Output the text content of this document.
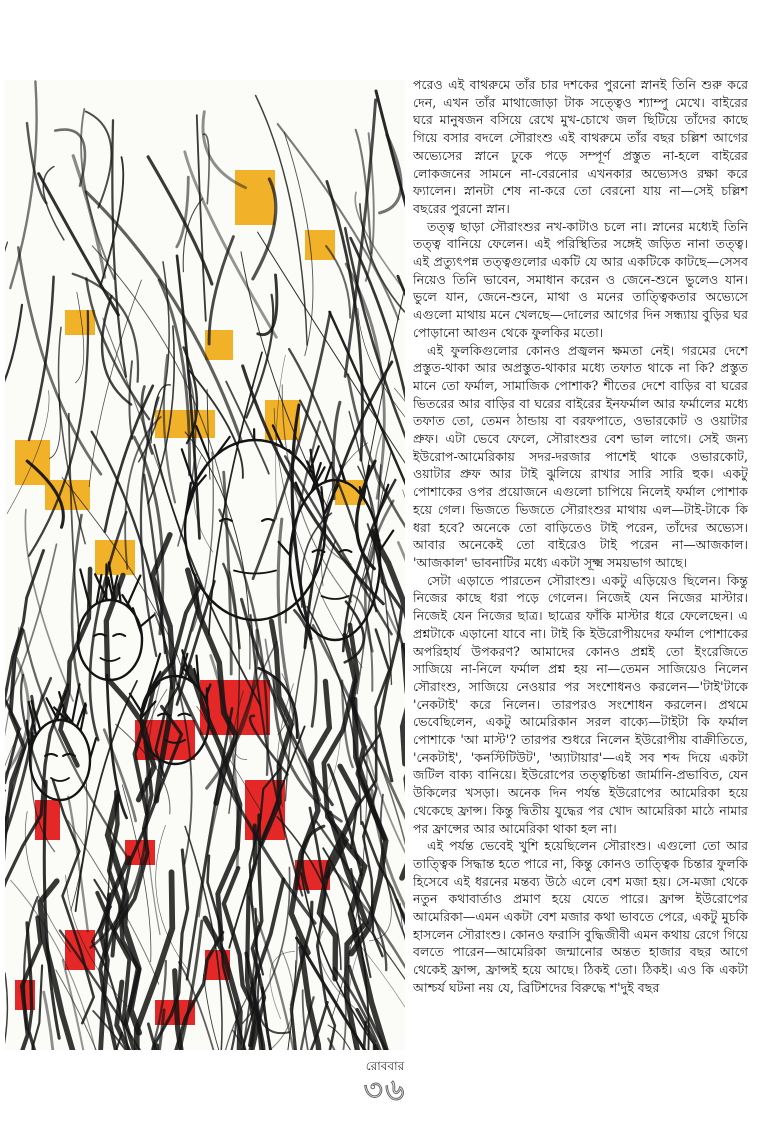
পরেও এই বাথরুমে তাঁর চার দশকের পুরনো স্নানই তিনি শুরু করে দেন, এখন তাঁর মাথাজোড়া টাক সত্ত্বেও শ্যাম্পু মেখে। বাইরের ঘরে মানুষজন বসিয়ে রেখে মুখ-চোখে জল ছিটিয়ে তাঁদের কাছে গিয়ে বসার বদলে সৌরাংশু এই বাথরুমে তাঁর বছর চল্লিশ আগের অভ্যেসের স্নানে ঢুকে পড়ে সম্পূর্ণ প্রস্তুত না-হলে বাইরের লোকজনের সামনে না-বেরনোর এখনকার অভ্যেসও রক্ষা করে ফ্যালেন। স্নানটা শেষ না-করে তো বেরনো যায় না—সেই চল্লিশ বছরের পুরনো স্নান।

তত্ত্ব ছাড়া সৌরাংশুর নখ-কাটাও চলে না। স্নানের মধ্যেই তিনি তত্ত্ব বানিয়ে ফেলেন। এই পরিস্থিতির সঙ্গেই জড়িত নানা তত্ত্ব। এই প্রত্যুৎপন্ন তত্ত্বগুলোর একটি যে আর একটিকে কাটছে—সেসব নিয়েও তিনি ভাবেন, সমাধান করেন ও জেনে-শুনে ভুলেও যান। ভুলে যান, জেনে-শুনে, মাথা ও মনের তাত্ত্বিকতার অভ্যেসে এগুলো মাথায় মনে খেলছে—দোলের আগের দিন সন্ধ্যায় বুড়ির ঘর পোড়ানো আগুন থেকে ফুলকির মতো।

এই ফুলকিগুলোর কোনও প্রজ্বলন ক্ষমতা নেই। গরমের দেশে প্রস্তুত-থাকা আর অপ্রস্তুত-থাকার মধ্যে তফাত থাকে না কি? প্রস্তুত মানে তো ফর্মাল, সামাজিক পোশাক? শীতের দেশে বাড়ির বা ঘরের ভিতরের আর বাড়ির বা ঘরের বাইরের ইনফর্মাল আর ফর্মালের মধ্যে তফাত তো, তেমন ঠান্ডায় বা বরফপাতে, ওভারকোট ও ওয়াটার প্রুফ। এটা ভেবে ফেলে, সৌরাংশুর বেশ ভাল লাগে। সেই জন্য ইউরোপ-আমেরিকায় সদর-দরজার পাশেই থাকে ওভারকোট, ওয়াটার প্রুফ আর টাই ঝুলিয়ে রাখার সারি সারি হুক। একটু পোশাকের ওপর প্রয়োজনে এগুলো চাপিয়ে নিলেই ফর্মাল পোশাক হয়ে গেল। ভিজতে ভিজতে সৌরাংশুর মাথায় এল—টাই-টাকে কি ধরা হবে? অনেকে তো বাড়িতেও টাই পরেন, তাঁদের অভ্যেস। আবার অনেকেই তো বাইরেও টাই পরেন না—আজকাল। 'আজকাল' ভাবনাটির মধ্যে একটা সূক্ষ্ম সময়ভাগ আছে।

সেটা এড়াতে পারতেন সৌরাংশু। একটু এড়িয়েও ছিলেন। কিন্তু নিজের কাছে ধরা পড়ে গেলেন। নিজেই যেন নিজের মাস্টার। নিজেই যেন নিজের ছাত্র। ছাত্রের ফাঁকি মাস্টার ধরে ফেলেছেন। এ প্রশ্নটাকে এড়ানো যাবে না। টাই কি ইউরোপীয়দের ফর্মাল পোশাকের অপরিহার্য উপকরণ? আমাদের কোনও প্রশ্নই তো ইংরেজিতে সাজিয়ে না-নিলে ফর্মাল প্রশ্ন হয় না—তেমন সাজিয়েও নিলেন সৌরাংশু, সাজিয়ে নেওয়ার পর সংশোধনও করলেন—'টাই'টাকে 'নেকটাই' করে নিলেন। তারপরও সংশোধন করলেন। প্রথমে ভেবেছিলেন, একটু আমেরিকান সরল বাক্যে—টাইটা কি ফর্মাল পোশাকে 'আ মাস্ট'? তারপর শুধরে নিলেন ইউরোপীয় বাক্রীতিতে, 'নেকটাই', 'কনস্টিটিউট', 'অ্যাটায়ার'—এই সব শব্দ দিয়ে একটা জটিল বাক্য বানিয়ে। ইউরোপের তত্ত্বচিন্তা জার্মানি-প্রভাবিত, যেন উকিলের খসড়া। অনেক দিন পর্যন্ত ইউরোপের আমেরিকা হয়ে থেকেছে ফ্রান্স। কিন্তু দ্বিতীয় যুদ্ধের পর খোদ আমেরিকা মাঠে নামার পর ফ্রান্সের আর আমেরিকা থাকা হল না।

এই পর্যন্ত ভেবেই খুশি হয়েছিলেন সৌরাংশু। এগুলো তো আর তাত্ত্বিক সিদ্ধান্ত হতে পারে না, কিন্তু কোনও তাত্ত্বিক চিন্তার ফুলকি হিসেবে এই ধরনের মন্তব্য উঠে এলে বেশ মজা হয়। সে-মজা থেকে নতুন কথাবার্তাও প্রমাণ হয়ে যেতে পারে। ফ্রান্স ইউরোপের আমেরিকা—এমন একটা বেশ মজার কথা ভাবতে পেরে, একটু মুচকি হাসলেন সৌরাংশু। কোনও ফরাসি বুদ্ধিজীবী এমন কথায় রেগে গিয়ে বলতে পারেন—আমেরিকা জন্মানোর অন্তত হাজার বছর আগে থেকেই ফ্রান্স, ফ্রান্সই হয়ে আছে। ঠিকই তো। ঠিকই। এও কি একটা আশ্চর্য ঘটনা নয় যে, ব্রিটিশদের বিরুদ্ধে শ'দুই বছর

রোববার
৩৬
